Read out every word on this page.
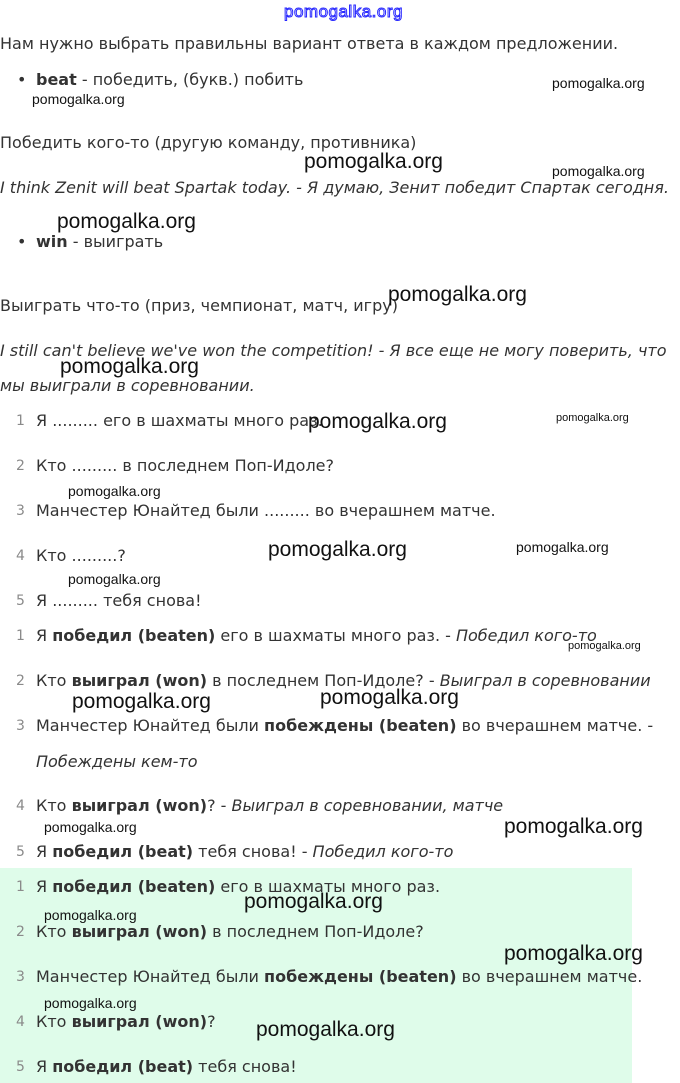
pomogalka.org
Нам нужно выбрать правильны вариант ответа в каждом предложении.
• beat - победить, (букв.) побить
Победить кого-то (другую команду, противника)
I think Zenit will beat Spartak today. - Я думаю, Зенит победит Спартак сегодня.
• win - выиграть
Выиграть что-то (приз, чемпионат, матч, игру)
I still can't believe we've won the competition! - Я все еще не могу поверить, что
мы выиграли в соревновании.
1 Я ......... его в шахматы много раз.
2 Кто ......... в последнем Поп-Идоле?
3 Манчестер Юнайтед были ......... во вчерашнем матче.
4 Кто .........?
5 Я ......... тебя снова!
1 Я победил (beaten) его в шахматы много раз. - Победил кого-то
2 Кто выиграл (won) в последнем Поп-Идоле? - Выиграл в соревновании
3 Манчестер Юнайтед были побеждены (beaten) во вчерашнем матче. -
Побеждены кем-то
4 Кто выиграл (won)? - Выиграл в соревновании, матче
5 Я победил (beat) тебя снова! - Победил кого-то
1 Я победил (beaten) его в шахматы много раз.
2 Кто выиграл (won) в последнем Поп-Идоле?
3 Манчестер Юнайтед были побеждены (beaten) во вчерашнем матче.
4 Кто выиграл (won)?
5 Я победил (beat) тебя снова!
pomogalka.org
pomogalka.org
pomogalka.org	pomogalka.org
pomogalka.org
pomogalka.org
pomogalka.org
pomogalka.org	pomogalka.org
pomogalka.org
pomogalka.org	pomogalka.org
pomogalka.org
pomogalka.org
pomogalka.org	pomogalka.org
pomogalka.org	pomogalka.org
pomogalka.org
pomogalka.org
pomogalka.org
pomogalka.org
pomogalka.org
